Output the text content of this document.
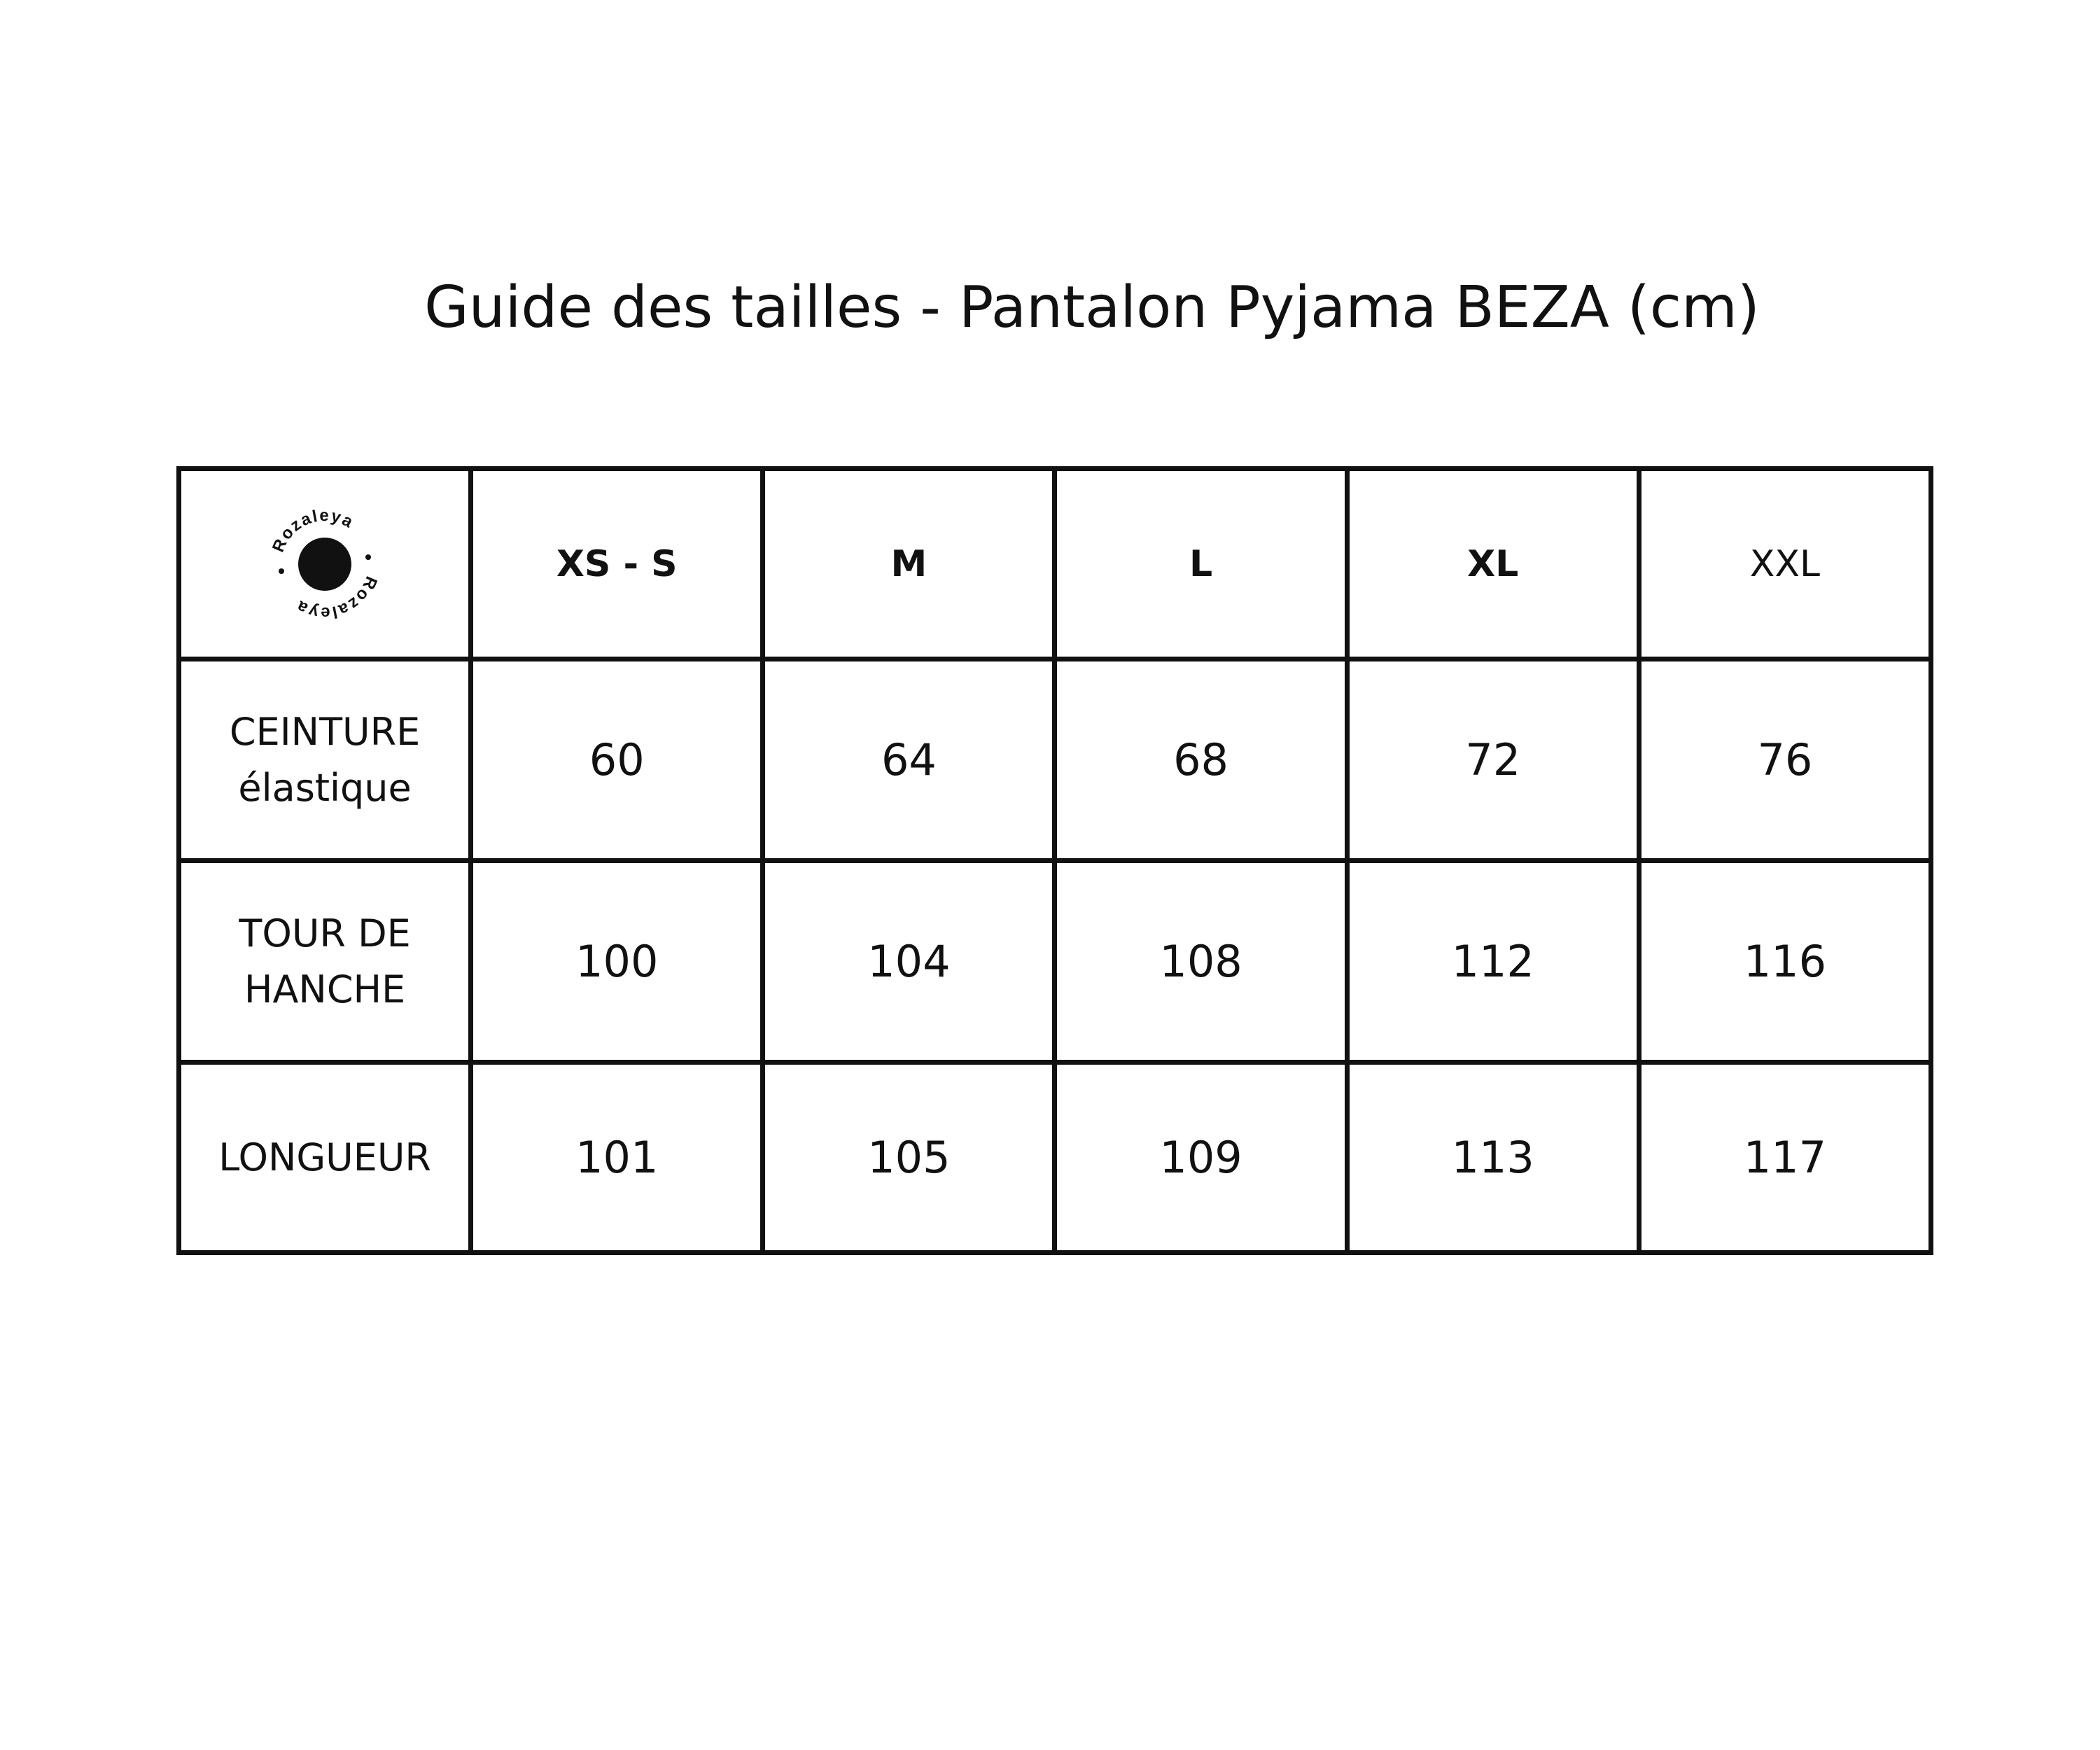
Guide des tailles - Pantalon Pyjama BEZA (cm)
Rozaleya
Rozaleya	XS - S	M	L	XL	XXL

CEINTURE
élastique	60	64	68	72	76

TOUR DE
HANCHE	100	104	108	112	116

LONGUEUR	101	105	109	113	117
